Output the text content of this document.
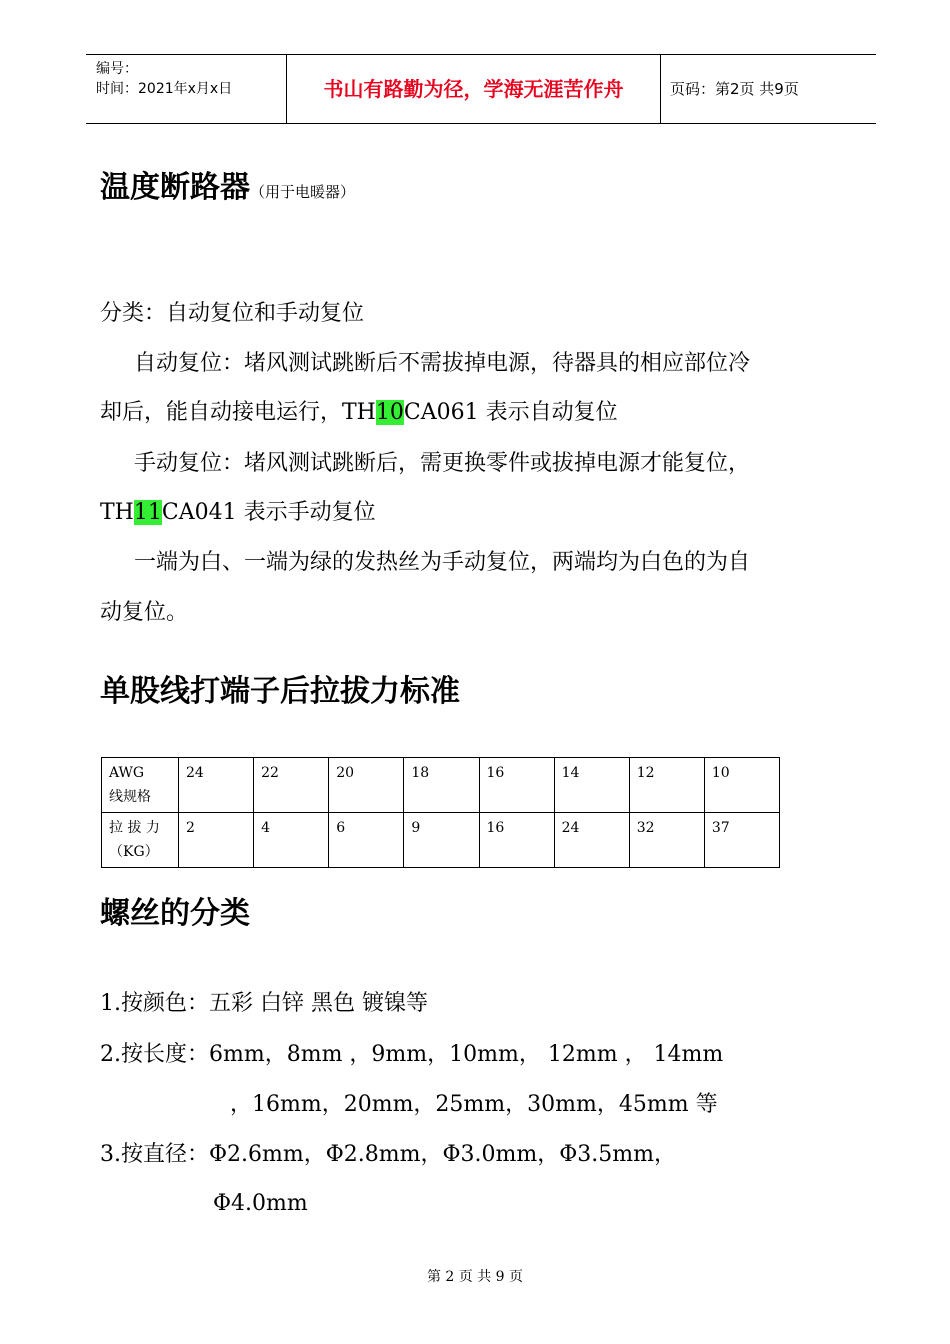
编号：
时间：2021年x月x日	书山有路勤为径，学海无涯苦作舟	页码：第2页 共9页
温度断路器（用于电暖器）
分类：自动复位和手动复位
自动复位：堵风测试跳断后不需拔掉电源，待器具的相应部位冷
却后，能自动接电运行，TH10CA061 表示自动复位
手动复位：堵风测试跳断后，需更换零件或拔掉电源才能复位，
TH11CA041 表示手动复位
一端为白、一端为绿的发热丝为手动复位，两端均为白色的为自
动复位。
单股线打端子后拉拔力标准
AWG
线规格	24	22	20	18	16	14	12	10
拉 拔 力
（KG）	2	4	6	9	16	24	32	37
螺丝的分类
1.按颜色：五彩 白锌 黑色 镀镍等
2.按长度：6mm，8mm ，9mm，10mm， 12mm ， 14mm
，16mm，20mm，25mm，30mm，45mm 等
3.按直径：Φ2.6mm，Φ2.8mm，Φ3.0mm，Φ3.5mm，
Φ4.0mm
第 2 页 共 9 页
